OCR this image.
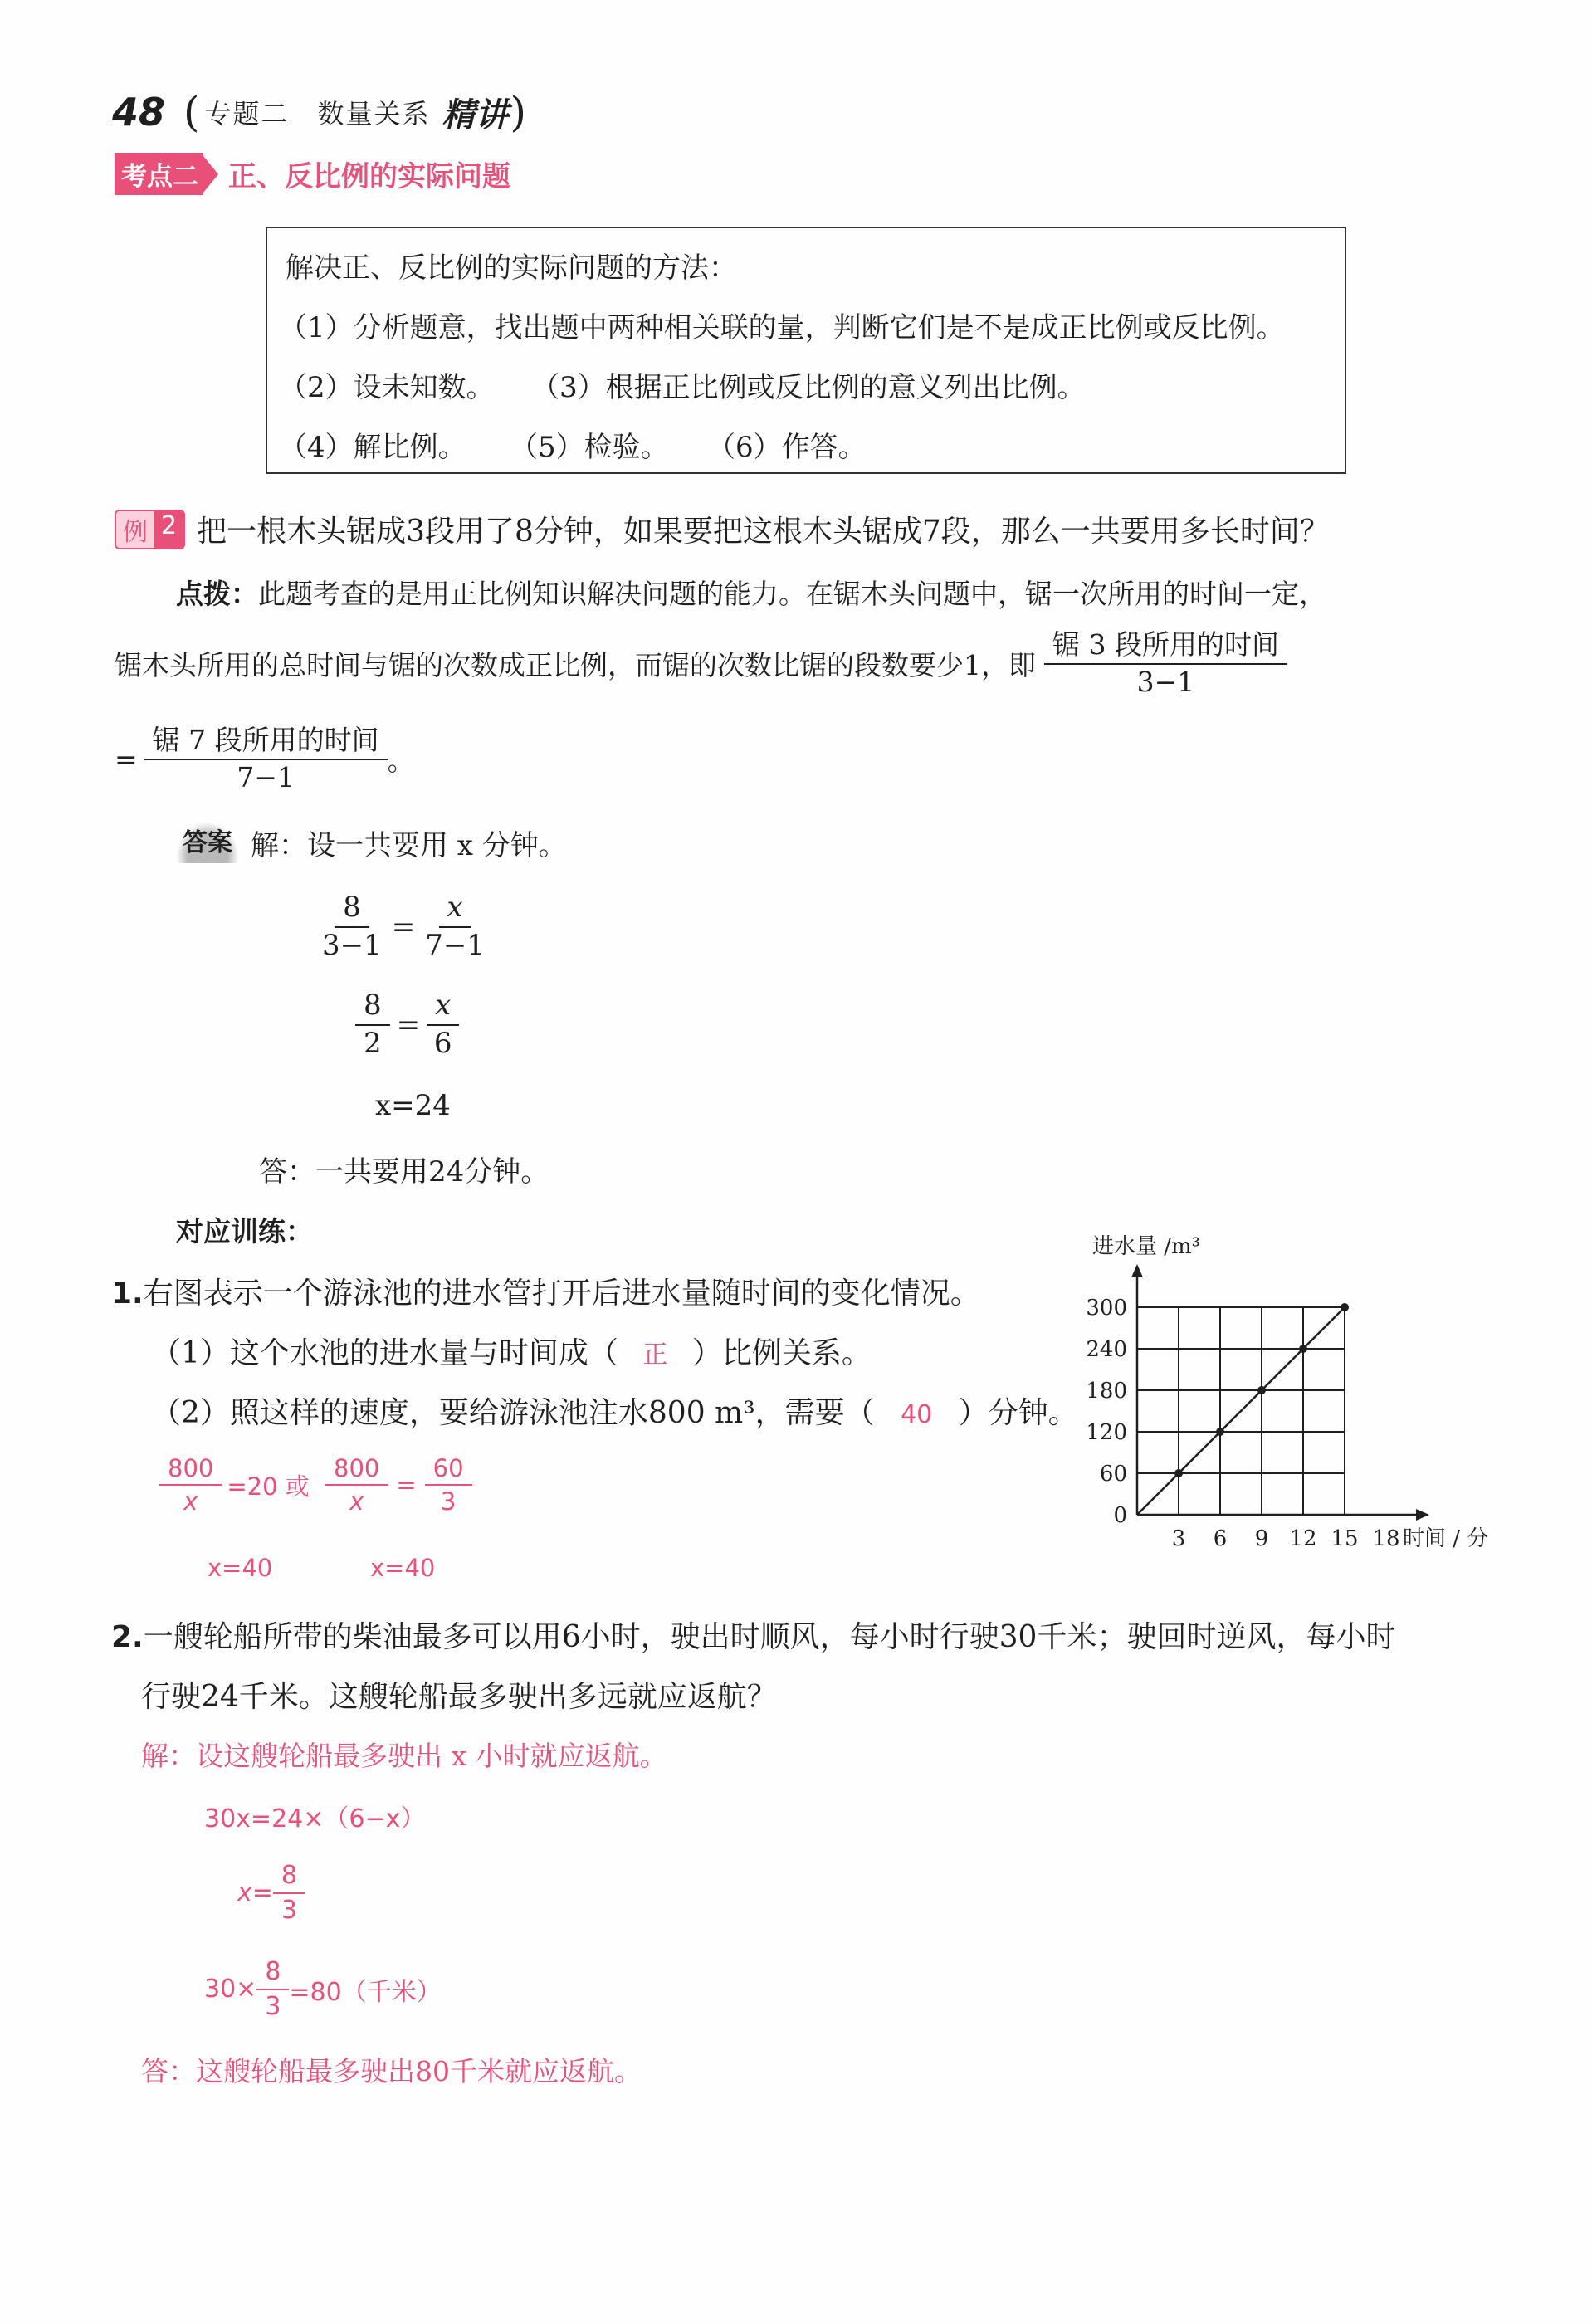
48 ( 专题二　数量关系 精讲 )
考点二 正、反比例的实际问题
解决正、反比例的实际问题的方法：
（1）分析题意，找出题中两种相关联的量，判断它们是不是成正比例或反比例。
（2）设未知数。 （3）根据正比例或反比例的意义列出比例。
（4）解比例。 （5）检验。 （6）作答。
例 2 把一根木头锯成3段用了8分钟，如果要把这根木头锯成7段，那么一共要用多长时间？
点拨：此题考查的是用正比例知识解决问题的能力。在锯木头问题中，锯一次所用的时间一定，
锯木头所用的总时间与锯的次数成正比例，而锯的次数比锯的段数要少1，即 $\frac{\text{锯 3 段所用的时间}}{3-1}$
= $\frac{\text{锯 7 段所用的时间}}{7-1}$ 。
答案 解：设一共要用 x 分钟。
$\frac{8}{3-1} = \frac{x}{7-1}$
$\frac{8}{2} = \frac{x}{6}$
x=24
答：一共要用24分钟。
对应训练：
1.右图表示一个游泳池的进水管打开后进水量随时间的变化情况。
（1）这个水池的进水量与时间成（ 正 ）比例关系。
（2）照这样的速度，要给游泳池注水800 m³，需要（ 40 ）分钟。
$\frac{800}{x} =20$ 或 $\frac{800}{x} = \frac{60}{3}$
x=40	x=40
0
60
120
180
240
300
3 6 9 12 15 18
进水量 /m³
时间 / 分
2.一艘轮船所带的柴油最多可以用6小时，驶出时顺风，每小时行驶30千米；驶回时逆风，每小时
行驶24千米。这艘轮船最多驶出多远就应返航？
解：设这艘轮船最多驶出 x 小时就应返航。
30x=24×（6−x）
$x= \frac{8}{3}$
$30\times \frac{8}{3} =80$（千米）
答：这艘轮船最多驶出80千米就应返航。
